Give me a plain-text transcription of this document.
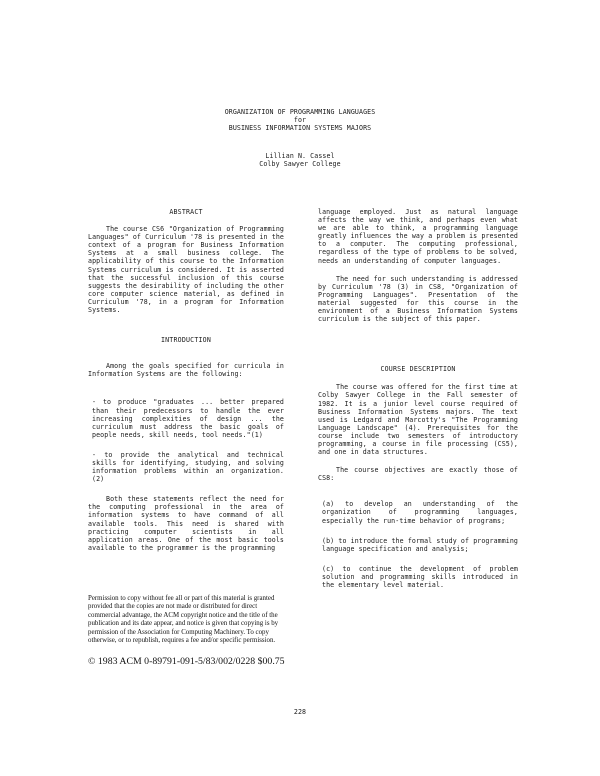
ORGANIZATION OF PROGRAMMING LANGUAGES
for
BUSINESS INFORMATION SYSTEMS MAJORS
Lillian N. Cassel
Colby Sawyer College
ABSTRACT

The course CS6 "Organization of Programming Languages" of Curriculum '78 is presented in the context of a program for Business Information Systems at a small business college. The applicability of this course to the Information Systems curriculum is considered. It is asserted that the successful inclusion of this course suggests the desirability of including the other core computer science material, as defined in Curriculum '78, in a program for Information Systems.

INTRODUCTION

Among the goals specified for curricula in Information Systems are the following:

- to produce "graduates ... better prepared than their predecessors to handle the ever increasing complexities of design ... the curriculum must address the basic goals of people needs, skill needs, tool needs."(1)
- to provide the analytical and technical skills for identifying, studying, and solving information problems within an organization. (2)

Both these statements reflect the need for the computing professional in the area of information systems to have command of all available tools. This need is shared with practicing computer scientists in all application areas. One of the most basic tools available to the programmer is the programming

Permission to copy without fee all or part of this material is granted provided that the copies are not made or distributed for direct commercial advantage, the ACM copyright notice and the title of the publication and its date appear, and notice is given that copying is by permission of the Association for Computing Machinery. To copy otherwise, or to republish, requires a fee and/or specific permission.
© 1983 ACM 0-89791-091-5/83/002/0228 $00.75

language employed. Just as natural language affects the way we think, and perhaps even what we are able to think, a programming language greatly influences the way a problem is presented to a computer. The computing professional, regardless of the type of problems to be solved, needs an understanding of computer languages.

The need for such understanding is addressed by Curriculum '78 (3) in CS8, "Organization of Programming Languages". Presentation of the material suggested for this course in the environment of a Business Information Systems curriculum is the subject of this paper.

COURSE DESCRIPTION

The course was offered for the first time at Colby Sawyer College in the Fall semester of 1982. It is a junior level course required of Business Information Systems majors. The text used is Ledgard and Marcotty's "The Programming Language Landscape" (4). Prerequisites for the course include two semesters of introductory programming, a course in file processing (CS5), and one in data structures.

The course objectives are exactly those of CS8:

(a) to develop an understanding of the organization of programming languages, especially the run-time behavior of programs;
(b) to introduce the formal study of programming language specification and analysis;
(c) to continue the development of problem solution and programming skills introduced in the elementary level material.
228
